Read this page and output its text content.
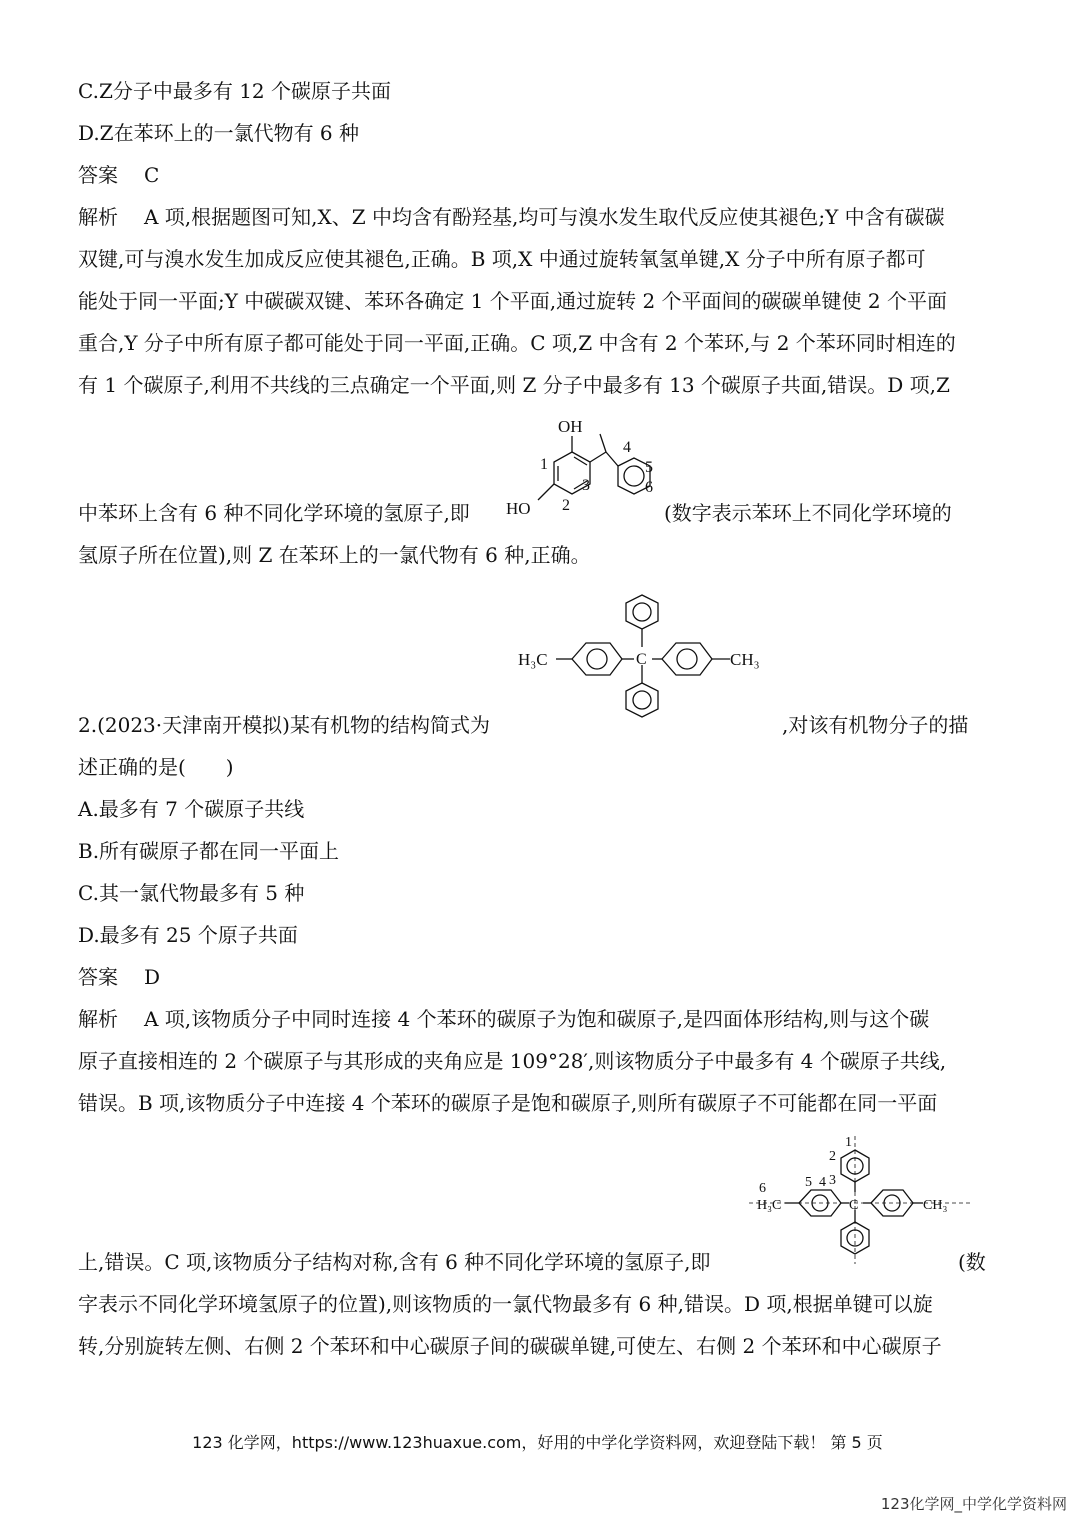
C.Z分子中最多有 12 个碳原子共面
D.Z在苯环上的一氯代物有 6 种
答案 C
解析 A 项,根据题图可知,X、Z 中均含有酚羟基,均可与溴水发生取代反应使其褪色;Y 中含有碳碳
双键,可与溴水发生加成反应使其褪色,正确。B 项,X 中通过旋转氧氢单键,X 分子中所有原子都可
能处于同一平面;Y 中碳碳双键、苯环各确定 1 个平面,通过旋转 2 个平面间的碳碳单键使 2 个平面
重合,Y 分子中所有原子都可能处于同一平面,正确。C 项,Z 中含有 2 个苯环,与 2 个苯环同时相连的
有 1 个碳原子,利用不共线的三点确定一个平面,则 Z 分子中最多有 13 个碳原子共面,错误。D 项,Z
中苯环上含有 6 种不同化学环境的氢原子,即	(数字表示苯环上不同化学环境的
氢原子所在位置),则 Z 在苯环上的一氯代物有 6 种,正确。
OH
HO
1
2
3
4
5
6
C
H₃C	CH₃
2.(2023·天津南开模拟)某有机物的结构简式为	,对该有机物分子的描
述正确的是(　　)
A.最多有 7 个碳原子共线
B.所有碳原子都在同一平面上
C.其一氯代物最多有 5 种
D.最多有 25 个原子共面
答案 D
解析 A 项,该物质分子中同时连接 4 个苯环的碳原子为饱和碳原子,是四面体形结构,则与这个碳
原子直接相连的 2 个碳原子与其形成的夹角应是 109°28′,则该物质分子中最多有 4 个碳原子共线,
错误。B 项,该物质分子中连接 4 个苯环的碳原子是饱和碳原子,则所有碳原子不可能都在同一平面
C
H₃C	CH₃
1
2
3
4
5
6
上,错误。C 项,该物质分子结构对称,含有 6 种不同化学环境的氢原子,即	(数
字表示不同化学环境氢原子的位置),则该物质的一氯代物最多有 6 种,错误。D 项,根据单键可以旋
转,分别旋转左侧、右侧 2 个苯环和中心碳原子间的碳碳单键,可使左、右侧 2 个苯环和中心碳原子
123 化学网，https://www.123huaxue.com，好用的中学化学资料网，欢迎登陆下载！ 第 5 页
123化学网_中学化学资料网
